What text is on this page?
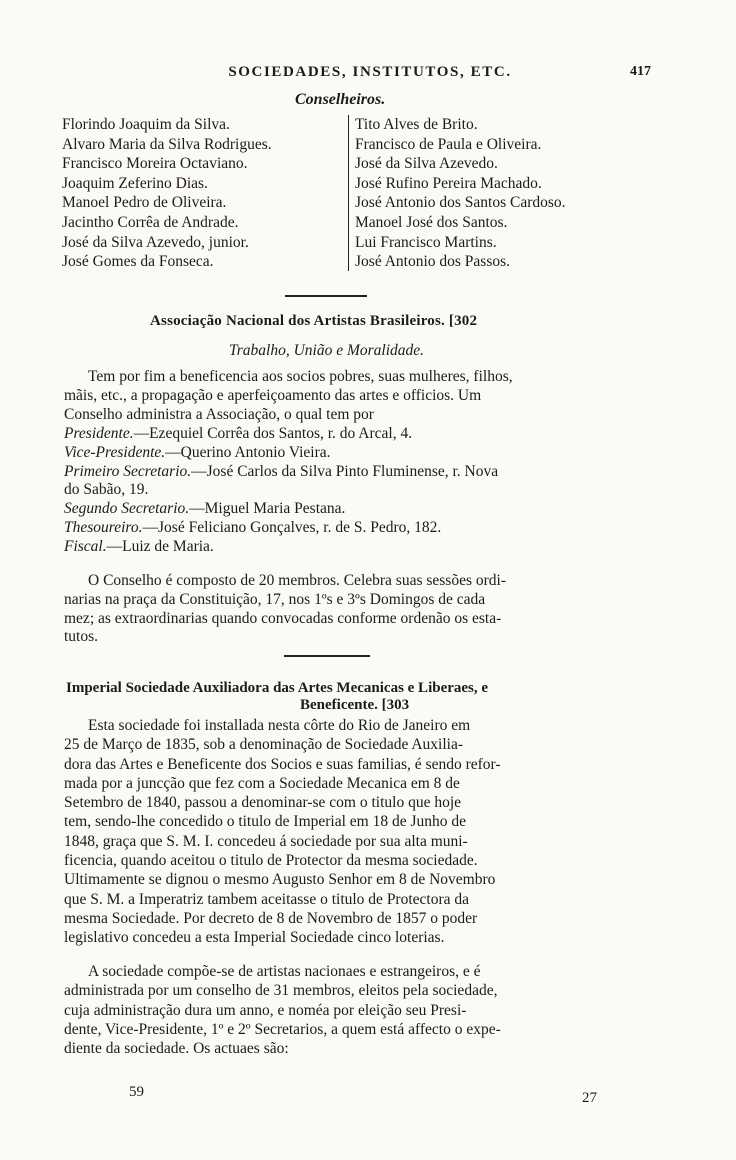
SOCIEDADES, INSTITUTOS, ETC.	417
Conselheiros.
Florindo Joaquim da Silva.
Alvaro Maria da Silva Rodrigues.
Francisco Moreira Octaviano.
Joaquim Zeferino Dias.
Manoel Pedro de Oliveira.
Jacintho Corrêa de Andrade.
José da Silva Azevedo, junior.
José Gomes da Fonseca.
Tito Alves de Brito.
Francisco de Paula e Oliveira.
José da Silva Azevedo.
José Rufino Pereira Machado.
José Antonio dos Santos Cardoso.
Manoel José dos Santos.
Lui Francisco Martins.
José Antonio dos Passos.
Associação Nacional dos Artistas Brasileiros. [302
Trabalho, União e Moralidade.
Tem por fim a beneficencia aos socios pobres, suas mulheres, filhos,
mãis, etc., a propagação e aperfeiçoamento das artes e officios. Um
Conselho administra a Associação, o qual tem por
Presidente.—Ezequiel Corrêa dos Santos, r. do Arcal, 4.
Vice-Presidente.—Querino Antonio Vieira.
Primeiro Secretario.—José Carlos da Silva Pinto Fluminense, r. Nova
do Sabão, 19.
Segundo Secretario.—Miguel Maria Pestana.
Thesoureiro.—José Feliciano Gonçalves, r. de S. Pedro, 182.
Fiscal.—Luiz de Maria.
O Conselho é composto de 20 membros. Celebra suas sessões ordi-
narias na praça da Constituição, 17, nos 1ºs e 3ºs Domingos de cada
mez; as extraordinarias quando convocadas conforme ordenão os esta-
tutos.
Imperial Sociedade Auxiliadora das Artes Mecanicas e Liberaes, e
Beneficente. [303
Esta sociedade foi installada nesta côrte do Rio de Janeiro em
25 de Março de 1835, sob a denominação de Sociedade Auxilia-
dora das Artes e Beneficente dos Socios e suas familias, é sendo refor-
mada por a juncção que fez com a Sociedade Mecanica em 8 de
Setembro de 1840, passou a denominar-se com o titulo que hoje
tem, sendo-lhe concedido o titulo de Imperial em 18 de Junho de
1848, graça que S. M. I. concedeu á sociedade por sua alta muni-
ficencia, quando aceitou o titulo de Protector da mesma sociedade.
Ultimamente se dignou o mesmo Augusto Senhor em 8 de Novembro
que S. M. a Imperatriz tambem aceitasse o titulo de Protectora da
mesma Sociedade. Por decreto de 8 de Novembro de 1857 o poder
legislativo concedeu a esta Imperial Sociedade cinco loterias.
A sociedade compõe-se de artistas nacionaes e estrangeiros, e é
administrada por um conselho de 31 membros, eleitos pela sociedade,
cuja administração dura um anno, e noméa por eleição seu Presi-
dente, Vice-Presidente, 1º e 2º Secretarios, a quem está affecto o expe-
diente da sociedade. Os actuaes são:
59	27
